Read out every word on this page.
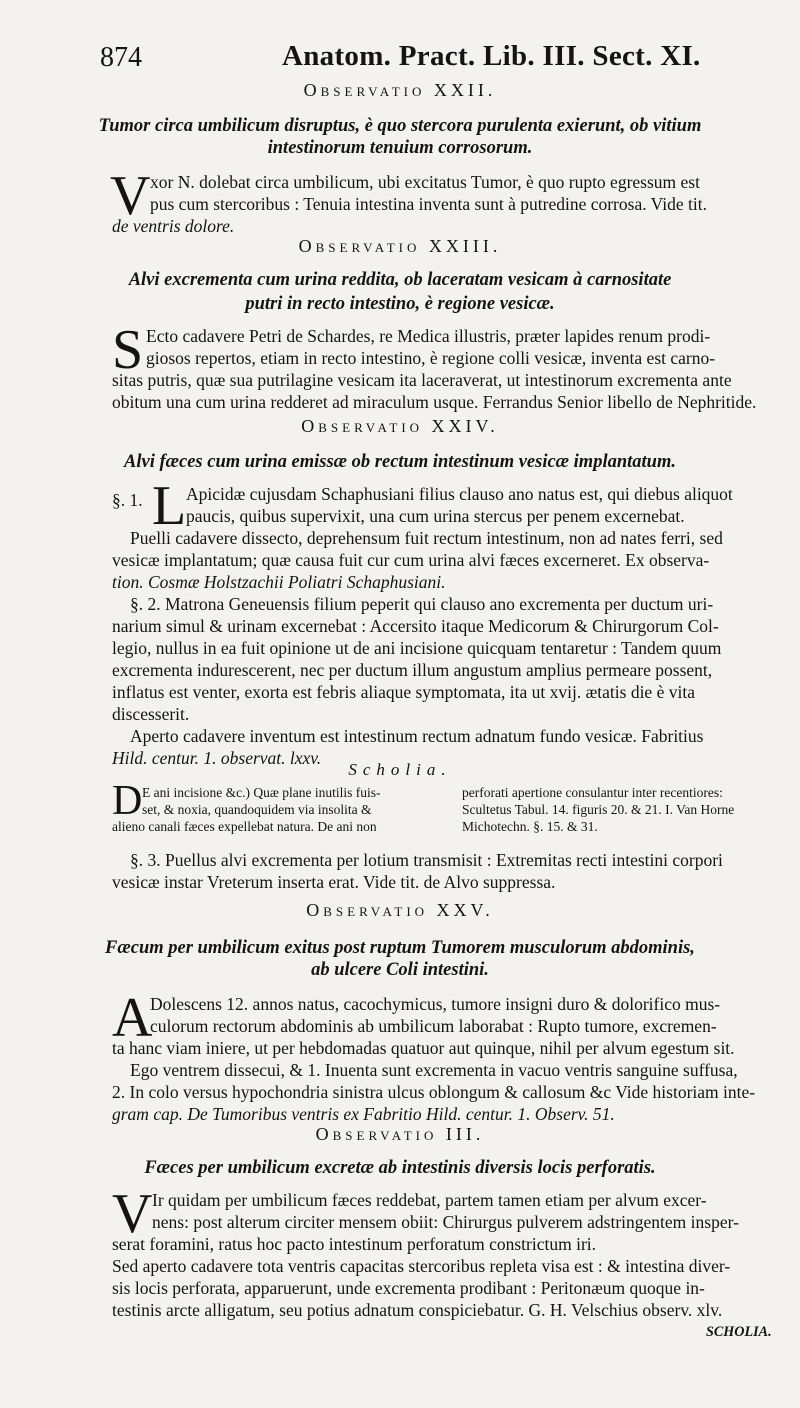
874	Anatom. Pract. Lib. III. Sect. XI.
Observatio XXII.
Tumor circa umbilicum disruptus, è quo stercora purulenta exierunt, ob vitium
intestinorum tenuium corrosorum.
V xor N. dolebat circa umbilicum, ubi excitatus Tumor, è quo rupto egressum est
pus cum stercoribus : Tenuia intestina inventa sunt à putredine corrosa. Vide tit.
de ventris dolore.
Observatio XXIII.
Alvi excrementa cum urina reddita, ob laceratam vesicam à carnositate
putri in recto intestino, è regione vesicæ.
S Ecto cadavere Petri de Schardes, re Medica illustris, præter lapides renum prodi-
giosos repertos, etiam in recto intestino, è regione colli vesicæ, inventa est carno-
sitas putris, quæ sua putrilagine vesicam ita laceraverat, ut intestinorum excrementa ante
obitum una cum urina redderet ad miraculum usque. Ferrandus Senior libello de Nephritide.
Observatio XXIV.
Alvi fæces cum urina emissæ ob rectum intestinum vesicæ implantatum.
§. 1. L Apicidæ cujusdam Schaphusiani filius clauso ano natus est, qui diebus aliquot
paucis, quibus supervixit, una cum urina stercus per penem excernebat.
Puelli cadavere dissecto, deprehensum fuit rectum intestinum, non ad nates ferri, sed
vesicæ implantatum; quæ causa fuit cur cum urina alvi fæces excerneret. Ex observa-
tion. Cosmæ Holstzachii Poliatri Schaphusiani.
§. 2. Matrona Geneuensis filium peperit qui clauso ano excrementa per ductum uri-
narium simul & urinam excernebat : Accersito itaque Medicorum & Chirurgorum Col-
legio, nullus in ea fuit opinione ut de ani incisione quicquam tentaretur : Tandem quum
excrementa indurescerent, nec per ductum illum angustum amplius permeare possent,
inflatus est venter, exorta est febris aliaque symptomata, ita ut xvij. ætatis die è vita
discesserit.
Aperto cadavere inventum est intestinum rectum adnatum fundo vesicæ. Fabritius
Hild. centur. 1. observat. lxxv.
Scholia.
D E ani incisione &c.) Quæ plane inutilis fuis-
set, & noxia, quandoquidem via insolita &
alieno canali fæces expellebat natura. De ani non
perforati apertione consulantur inter recentiores:
Scultetus Tabul. 14. figuris 20. & 21. I. Van Horne
Michotechn. §. 15. & 31.
§. 3. Puellus alvi excrementa per lotium transmisit : Extremitas recti intestini corpori
vesicæ instar Vreterum inserta erat. Vide tit. de Alvo suppressa.
Observatio XXV.
Fæcum per umbilicum exitus post ruptum Tumorem musculorum abdominis,
ab ulcere Coli intestini.
A
Dolescens 12. annos natus, cacochymicus, tumore insigni duro & dolorifico mus-
culorum rectorum abdominis ab umbilicum laborabat : Rupto tumore, excremen-
ta hanc viam iniere, ut per hebdomadas quatuor aut quinque, nihil per alvum egestum sit.
Ego ventrem dissecui, & 1. Inuenta sunt excrementa in vacuo ventris sanguine suffusa,
2. In colo versus hypochondria sinistra ulcus oblongum & callosum &c Vide historiam inte-
gram cap. De Tumoribus ventris ex Fabritio Hild. centur. 1. Observ. 51.
Observatio III.
Fæces per umbilicum excretæ ab intestinis diversis locis perforatis.
V Ir quidam per umbilicum fæces reddebat, partem tamen etiam per alvum excer-
nens: post alterum circiter mensem obiit: Chirurgus pulverem adstringentem insper-
serat foramini, ratus hoc pacto intestinum perforatum constrictum iri.
Sed aperto cadavere tota ventris capacitas stercoribus repleta visa est : & intestina diver-
sis locis perforata, apparuerunt, unde excrementa prodibant : Peritonæum quoque in-
testinis arcte alligatum, seu potius adnatum conspiciebatur. G. H. Velschius observ. xlv.
SCHOLIA.
